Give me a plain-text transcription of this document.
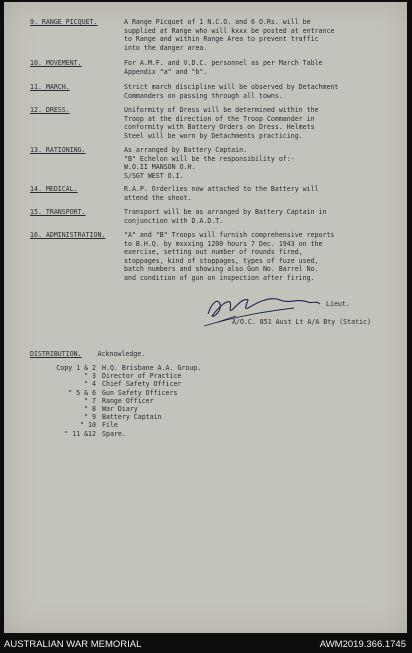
9. RANGE PICQUET.	A Range Picquet of 1 N.C.O. and 6 O.Rs. will be
supplied at Range who will kxxx be posted at entrance
to Range and within Range Area to prevent traffic
into the danger area.
10. MOVEMENT.	For A.M.F. and V.D.C. personnel as per March Table
Appendix "a" and "b".
11. MARCH.	Strict march discipline will be observed by Detachment
Commanders on passing through all towns.
12. DRESS.	Uniformity of Dress will be determined within the
Troop at the direction of the Troop Commander in
conformity with Battery Orders on Dress. Helmets
Steel will be worn by Detachments practicing.
13. RATIONING.	As arranged by Battery Captain.
"B" Echelon will be the responsibility of:-
W.O.II MANSON O.H.
S/SGT WEST O.I.
14. MEDICAL.	R.A.P. Orderlies now attached to the Battery will
attend the shoot.
15. TRANSPORT.	Transport will be as arranged by Battery Captain in
conjunction with D.A.D.T.
16. ADMINISTRATION.	"A" and "B" Troops will furnish comprehensive reports
to B.H.Q. by mxxxing 1200 hours 7 Dec. 1943 on the
exercise, setting out number of rounds fired,
stoppages, kind of stoppages, types of fuze used,
batch numbers and showing also Gun No. Barrel No.
and condition of gun on inspection after firing.
Lieut.
A/O.C. 851 Aust Lt A/A Bty (Static)
DISTRIBUTION. Acknowledge.
Copy 1 & 2 H.Q. Brisbane A.A. Group.
" 3 Director of Practice
" 4 Chief Safety Officer
" 5 & 6 Gun Safety Officers
" 7 Range Officer
" 8 War Diary
" 9 Battery Captain
" 10 File
" 11 &12 Spare.
AUSTRALIAN WAR MEMORIAL	AWM2019.366.1745
